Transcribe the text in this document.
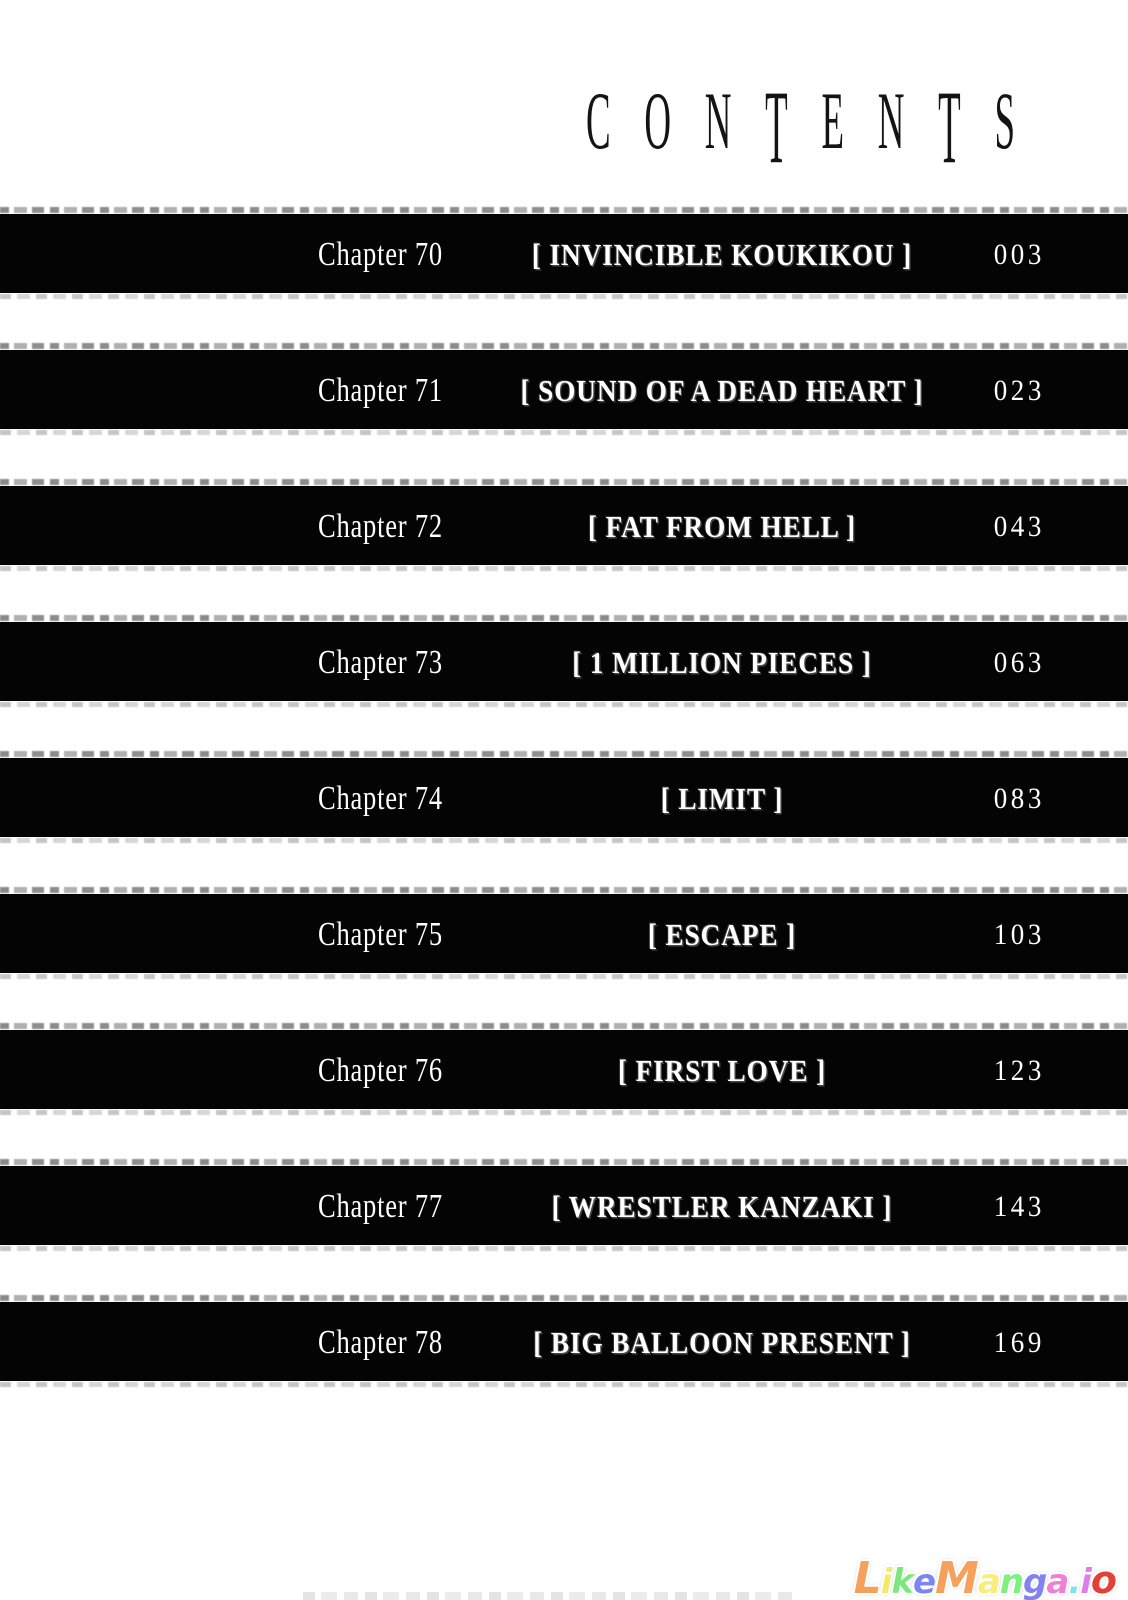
CONTENTS
Chapter 70	[ INVINCIBLE KOUKIKOU ]	003
Chapter 71	[ SOUND OF A DEAD HEART ] 023
Chapter 72	[ FAT FROM HELL ]	043
Chapter 73	[ 1 MILLION PIECES ]	063
Chapter 74	[ LIMIT ]	083
Chapter 75	[ ESCAPE ]	103
Chapter 76	[ FIRST LOVE ]	123
Chapter 77	[ WRESTLER KANZAKI ]	143
Chapter 78	[ BIG BALLOON PRESENT ]	169
LikeManga.io
